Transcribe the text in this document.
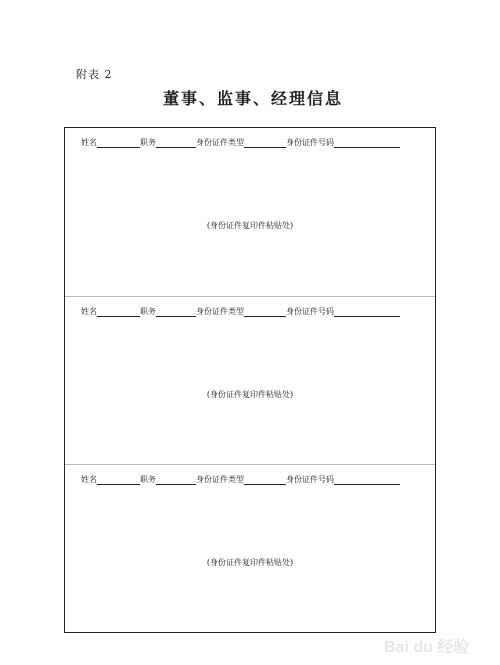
附表 2
董事、监事、经理信息
姓名	职务	身份证件类型	身份证件号码
(身份证件复印件粘贴处)
姓名	职务	身份证件类型	身份证件号码
(身份证件复印件粘贴处)
姓名	职务	身份证件类型	身份证件号码
(身份证件复印件粘贴处)
Bai du 经验
